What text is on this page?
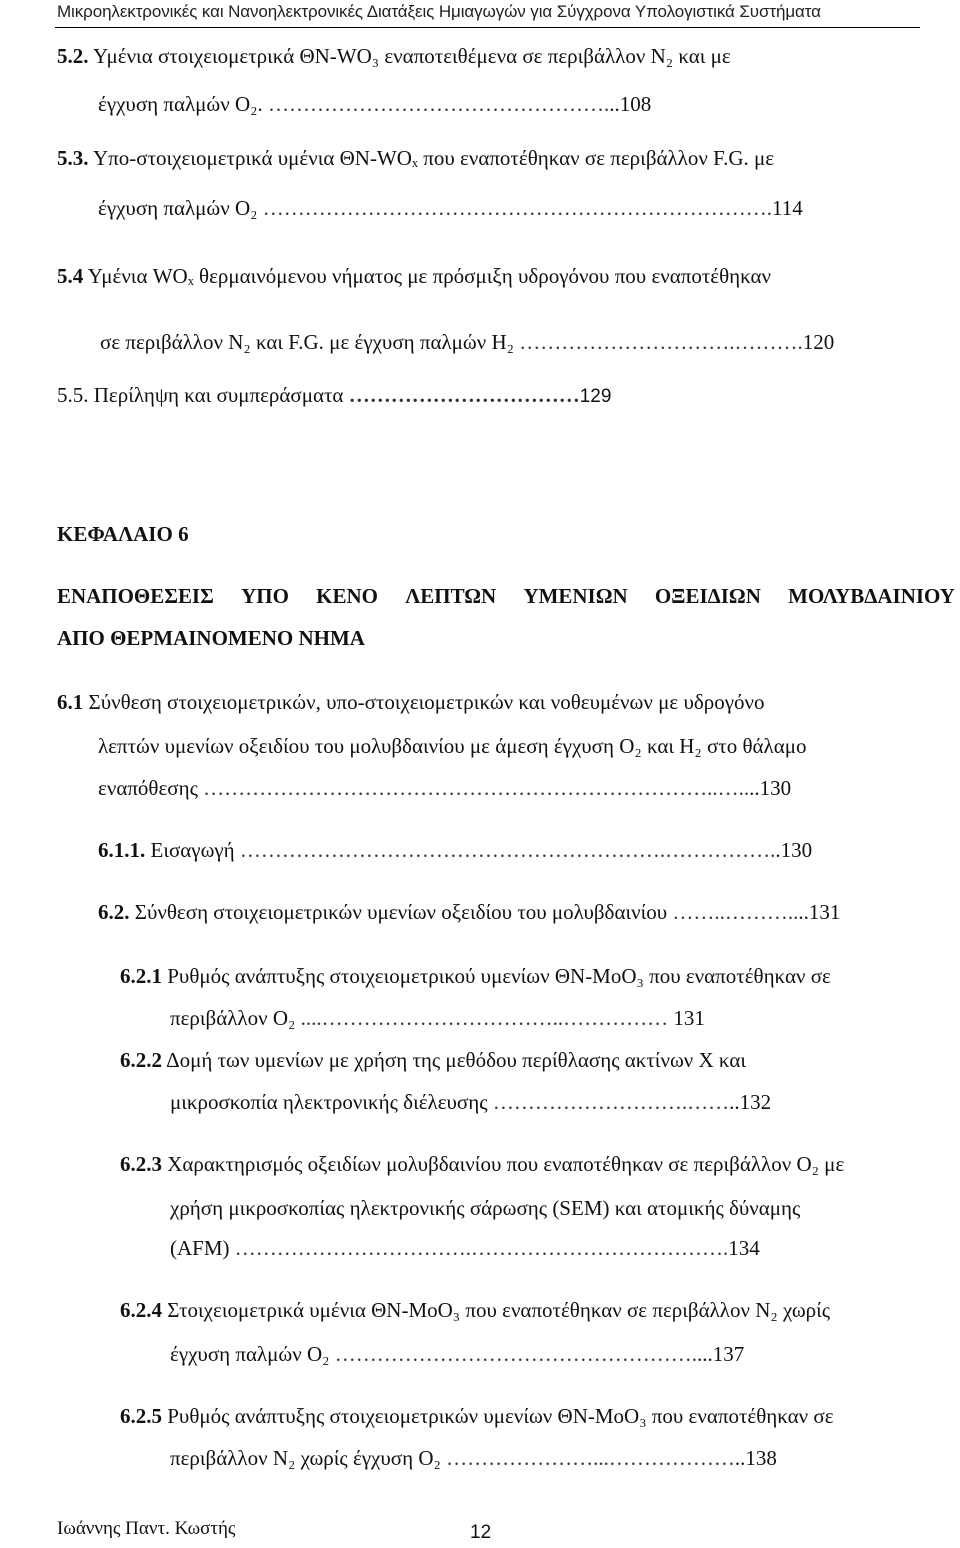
Μικροηλεκτρονικές και Νανοηλεκτρονικές Διατάξεις Ημιαγωγών για Σύγχρονα Υπολογιστικά Συστήματα
5.2. Υμένια στοιχειομετρικά ΘΝ-WO₃ εναποτειθέμενα σε περιβάλλον N₂ και με
έγχυση παλμών O₂. …………………………………………...108
5.3. Υπο-στοιχειομετρικά υμένια ΘΝ-WOₓ που εναποτέθηκαν σε περιβάλλον F.G. με
έγχυση παλμών O₂ ……………………………………………………………….114
5.4 Υμένια WOₓ θερμαινόμενου νήματος με πρόσμιξη υδρογόνου που εναποτέθηκαν
σε περιβάλλον N₂ και F.G. με έγχυση παλμών H₂ ………………………….……….120
5.5. Περίληψη και συμπεράσματα ……………………………129
ΚΕΦΑΛΑΙΟ 6
ΕΝΑΠΟΘΕΣΕΙΣ ΥΠΟ ΚΕΝΟ ΛΕΠΤΩΝ ΥΜΕΝΙΩΝ ΟΞΕΙΔΙΩΝ ΜΟΛΥΒΔΑΙΝΙΟΥ
ΑΠΟ ΘΕΡΜΑΙΝΟΜΕΝΟ ΝΗΜΑ
6.1 Σύνθεση στοιχειομετρικών, υπο-στοιχειομετρικών και νοθευμένων με υδρογόνο
λεπτών υμενίων οξειδίου του μολυβδαινίου με άμεση έγχυση O₂ και H₂ στο θάλαμο
εναπόθεσης ………………………………………………………………..…....130
6.1.1. Εισαγωγή …………………………………………………….……………..130
6.2. Σύνθεση στοιχειομετρικών υμενίων οξειδίου του μολυβδαινίου ……..………....131
6.2.1 Ρυθμός ανάπτυξης στοιχειομετρικού υμενίων ΘΝ-MoO₃ που εναποτέθηκαν σε
περιβάλλον O₂ ....……………………………..…………… 131
6.2.2 Δομή των υμενίων με χρήση της μεθόδου περίθλασης ακτίνων Χ και
μικροσκοπία ηλεκτρονικής διέλευσης ……………………….……..132
6.2.3 Χαρακτηρισμός οξειδίων μολυβδαινίου που εναποτέθηκαν σε περιβάλλον O₂ με
χρήση μικροσκοπίας ηλεκτρονικής σάρωσης (SEM) και ατομικής δύναμης
(AFM) …………………………….……………………………….134
6.2.4 Στοιχειομετρικά υμένια ΘΝ-MoO₃ που εναποτέθηκαν σε περιβάλλον N₂ χωρίς
έγχυση παλμών O₂ ……………………………………………....137
6.2.5 Ρυθμός ανάπτυξης στοιχειομετρικών υμενίων ΘΝ-MoO₃ που εναποτέθηκαν σε
περιβάλλον N₂ χωρίς έγχυση O₂ …………………...………………..138
Ιωάννης Παντ. Κωστής	12
